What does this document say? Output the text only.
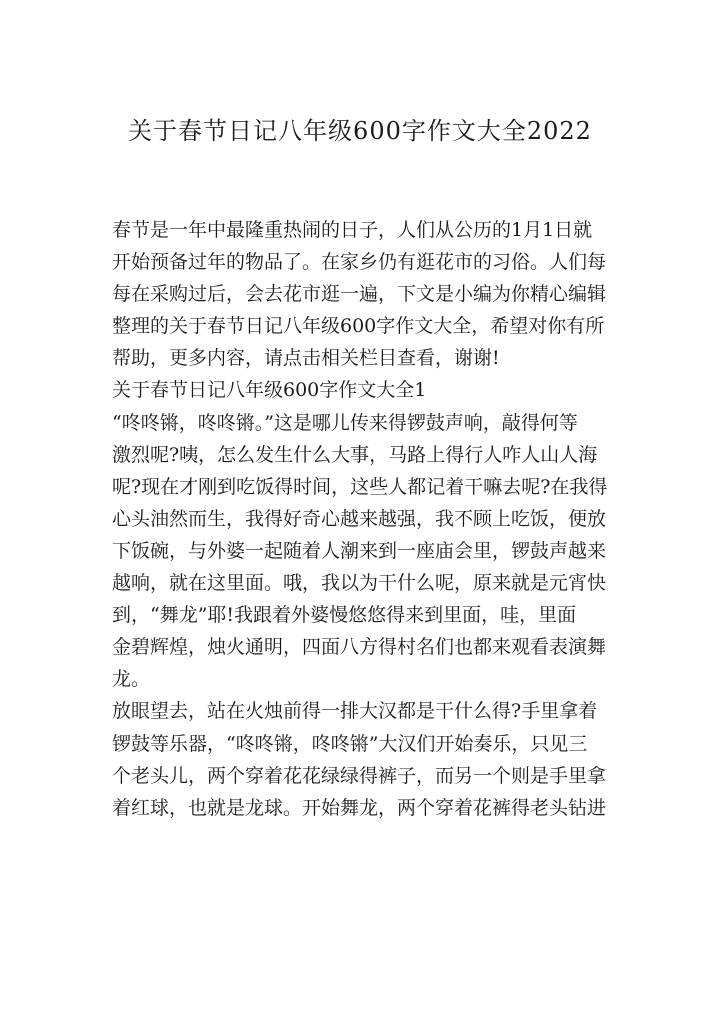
关于春节日记八年级600字作文大全2022
春节是一年中最隆重热闹的日子，人们从公历的1月1日就
开始预备过年的物品了。在家乡仍有逛花市的习俗。人们每
每在采购过后，会去花市逛一遍，下文是小编为你精心编辑
整理的关于春节日记八年级600字作文大全，希望对你有所
帮助，更多内容，请点击相关栏目查看，谢谢!
关于春节日记八年级600字作文大全1
“咚咚锵，咚咚锵。”这是哪儿传来得锣鼓声响，敲得何等
激烈呢?咦，怎么发生什么大事，马路上得行人咋人山人海
呢?现在才刚到吃饭得时间，这些人都记着干嘛去呢?在我得
心头油然而生，我得好奇心越来越强，我不顾上吃饭，便放
下饭碗，与外婆一起随着人潮来到一座庙会里，锣鼓声越来
越响，就在这里面。哦，我以为干什么呢，原来就是元宵快
到，“舞龙”耶!我跟着外婆慢悠悠得来到里面，哇，里面
金碧辉煌，烛火通明，四面八方得村名们也都来观看表演舞
龙。
放眼望去，站在火烛前得一排大汉都是干什么得?手里拿着
锣鼓等乐器，“咚咚锵，咚咚锵”大汉们开始奏乐，只见三
个老头儿，两个穿着花花绿绿得裤子，而另一个则是手里拿
着红球，也就是龙球。开始舞龙，两个穿着花裤得老头钻进
